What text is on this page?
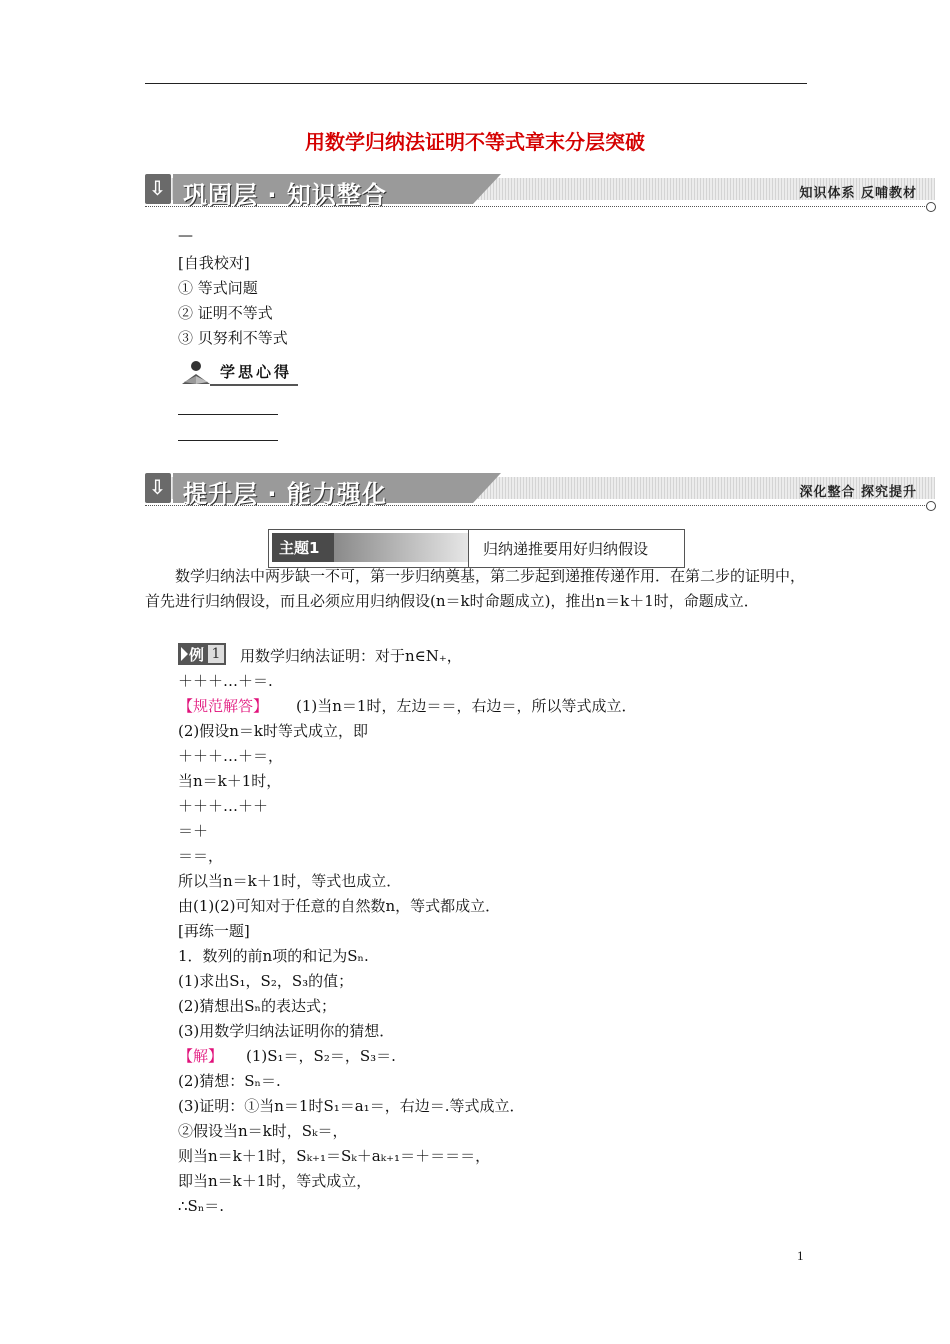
用数学归纳法证明不等式章末分层突破
⇩ 巩固层 · 知识整合	知识体系 反哺教材
—
[自我校对]
① 等式问题
② 证明不等式
③ 贝努利不等式
学思心得
⇩ 提升层 · 能力强化	深化整合 探究提升
主题1	归纳递推要用好归纳假设
数学归纳法中两步缺一不可，第一步归纳奠基，第二步起到递推传递作用．在第二步的证明中，首先进行归纳假设，而且必须应用归纳假设(n＝k时命题成立)，推出n＝k＋1时，命题成立．
例 1 用数学归纳法证明：对于n∈N₊，
＋＋＋…＋＝.
【规范解答】 (1)当n＝1时，左边＝＝，右边＝，所以等式成立．
(2)假设n＝k时等式成立，即
＋＋＋…＋＝，
当n＝k＋1时，
＋＋＋…＋＋
＝＋
＝＝，
所以当n＝k＋1时，等式也成立．
由(1)(2)可知对于任意的自然数n，等式都成立．
[再练一题]
1．数列的前n项的和记为Sₙ.
(1)求出S₁，S₂，S₃的值；
(2)猜想出Sₙ的表达式；
(3)用数学归纳法证明你的猜想．
【解】 (1)S₁＝，S₂＝，S₃＝.
(2)猜想：Sₙ＝.
(3)证明：①当n＝1时S₁＝a₁＝，右边＝.等式成立．
②假设当n＝k时，Sₖ＝，
则当n＝k＋1时，Sₖ₊₁＝Sₖ＋aₖ₊₁＝＋＝＝＝，
即当n＝k＋1时，等式成立，
∴Sₙ＝.
1
